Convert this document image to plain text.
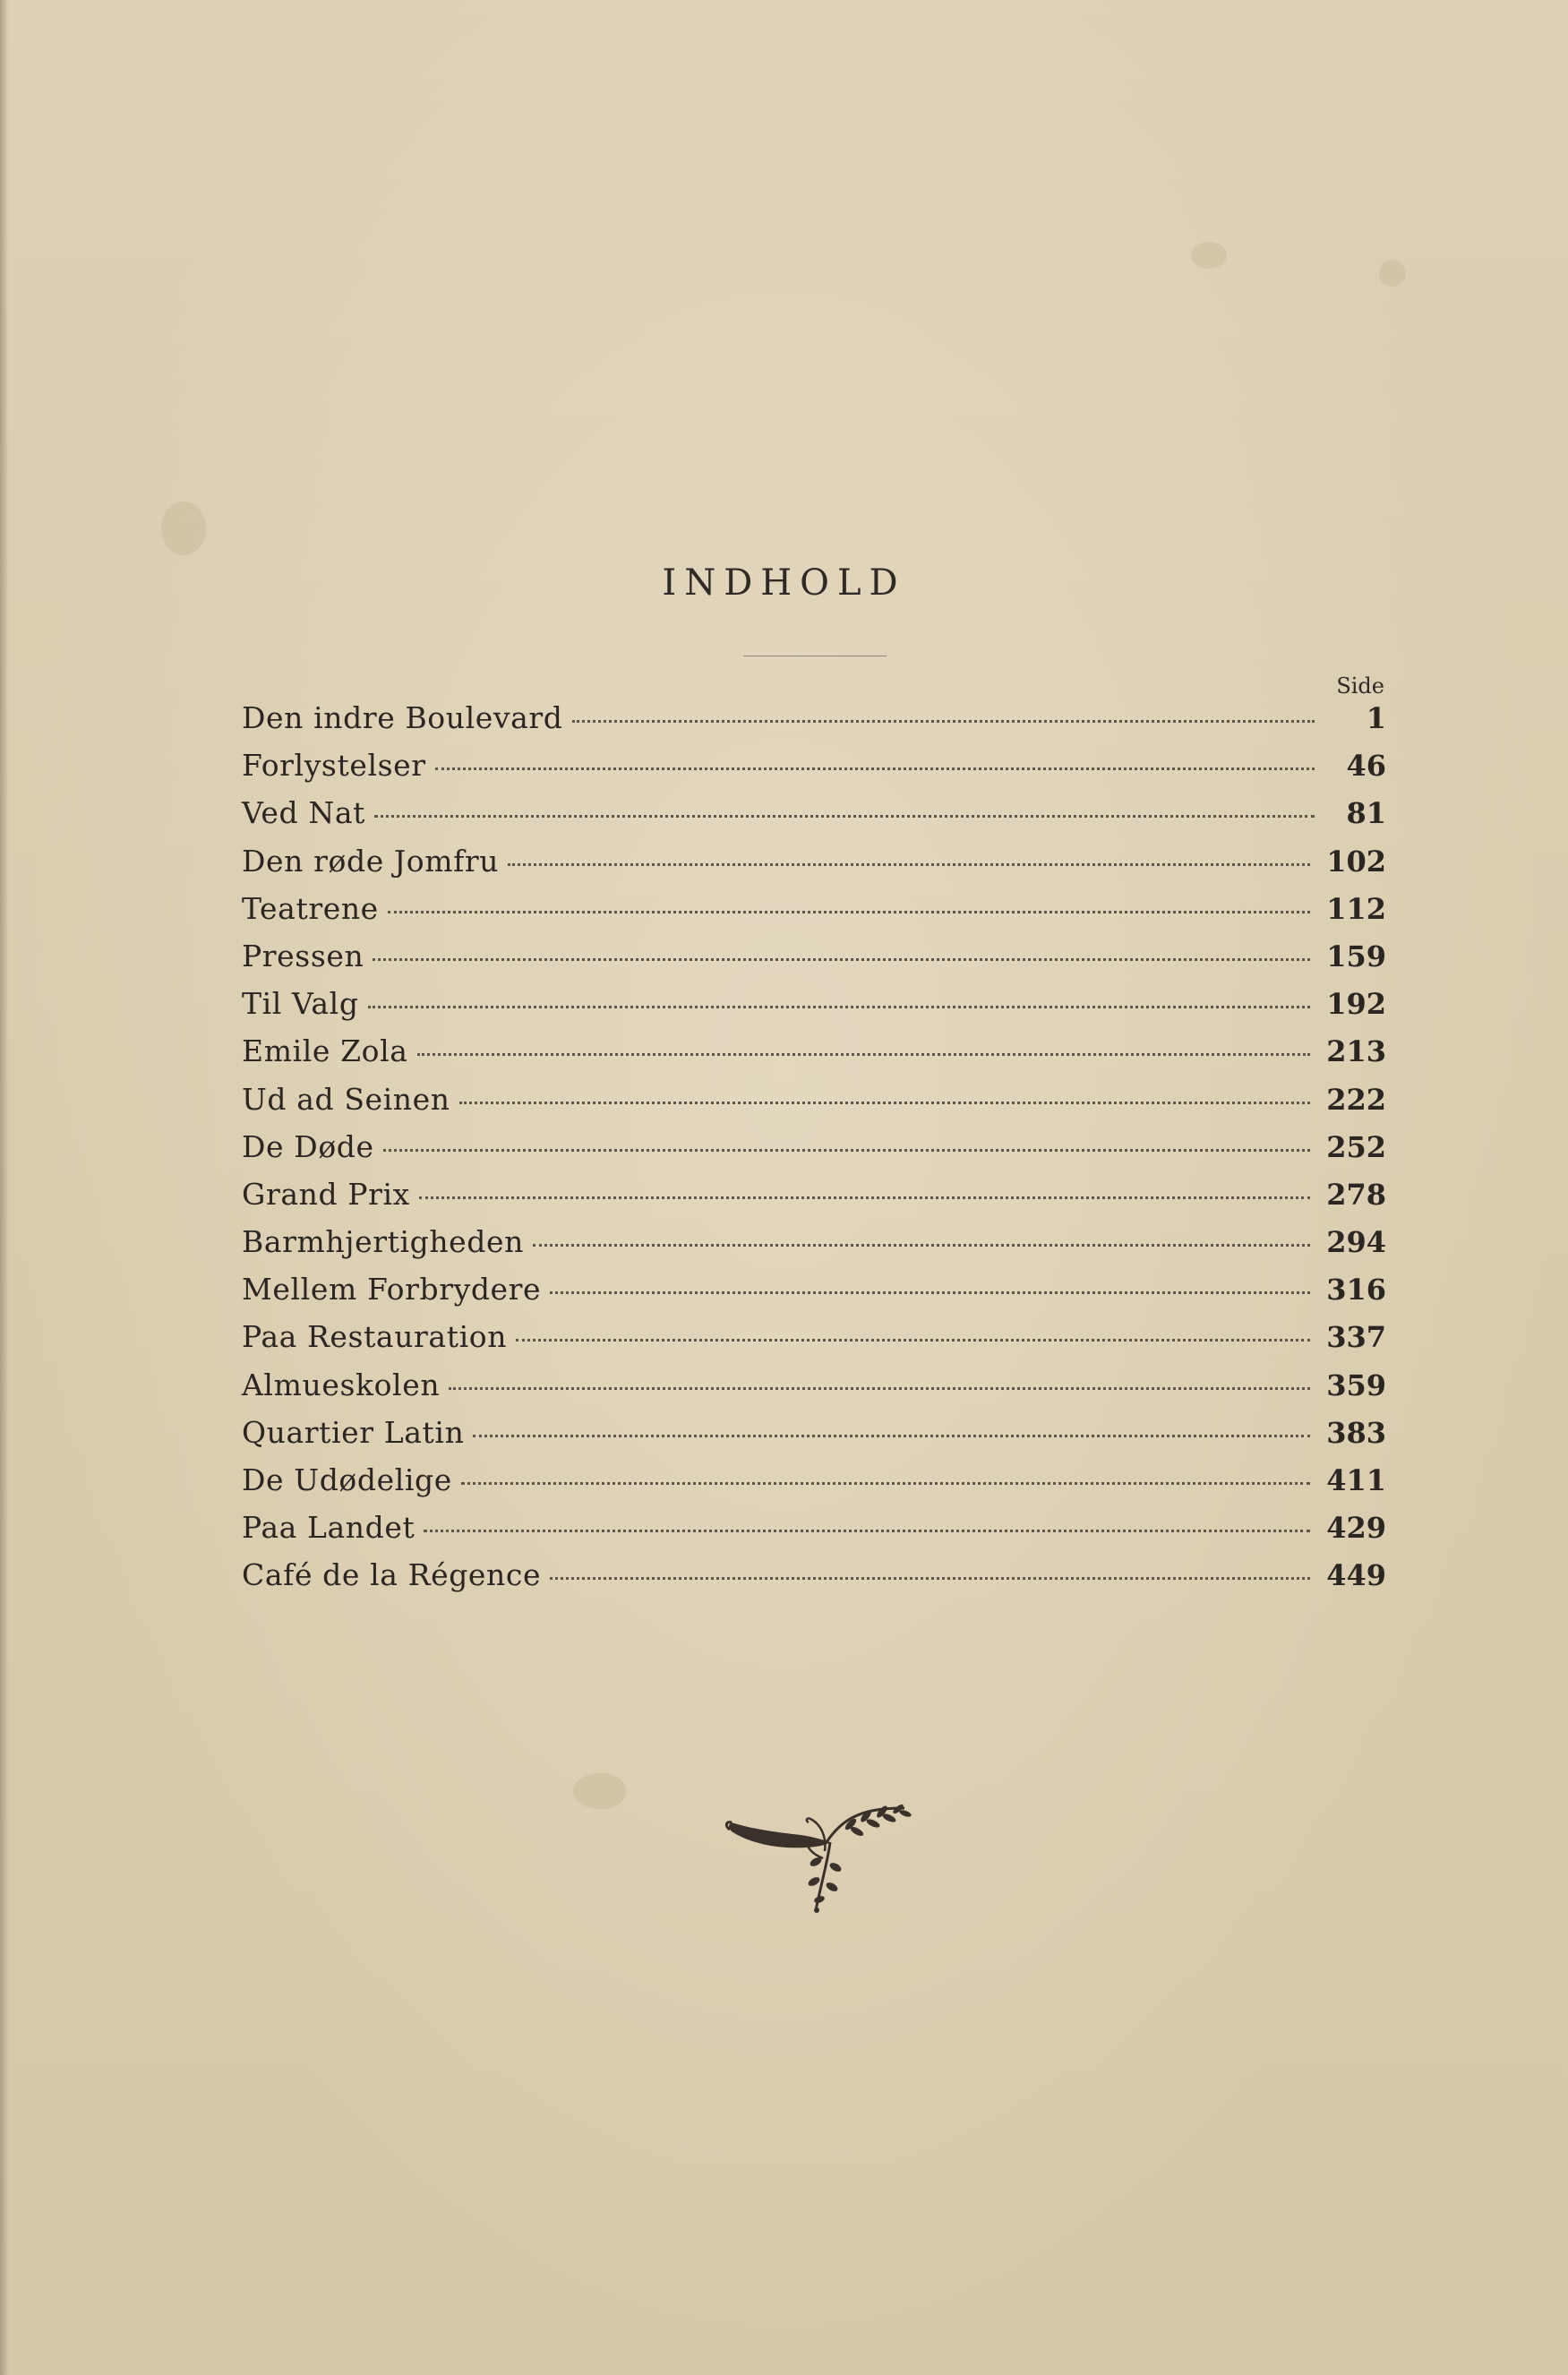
INDHOLD
Side
Den indre Boulevard	1
Forlystelser	46
Ved Nat	81
Den røde Jomfru	102
Teatrene	112
Pressen	159
Til Valg	192
Emile Zola	213
Ud ad Seinen	222
De Døde	252
Grand Prix	278
Barmhjertigheden	294
Mellem Forbrydere	316
Paa Restauration	337
Almueskolen	359
Quartier Latin	383
De Udødelige	411
Paa Landet	429
Café de la Régence	449
